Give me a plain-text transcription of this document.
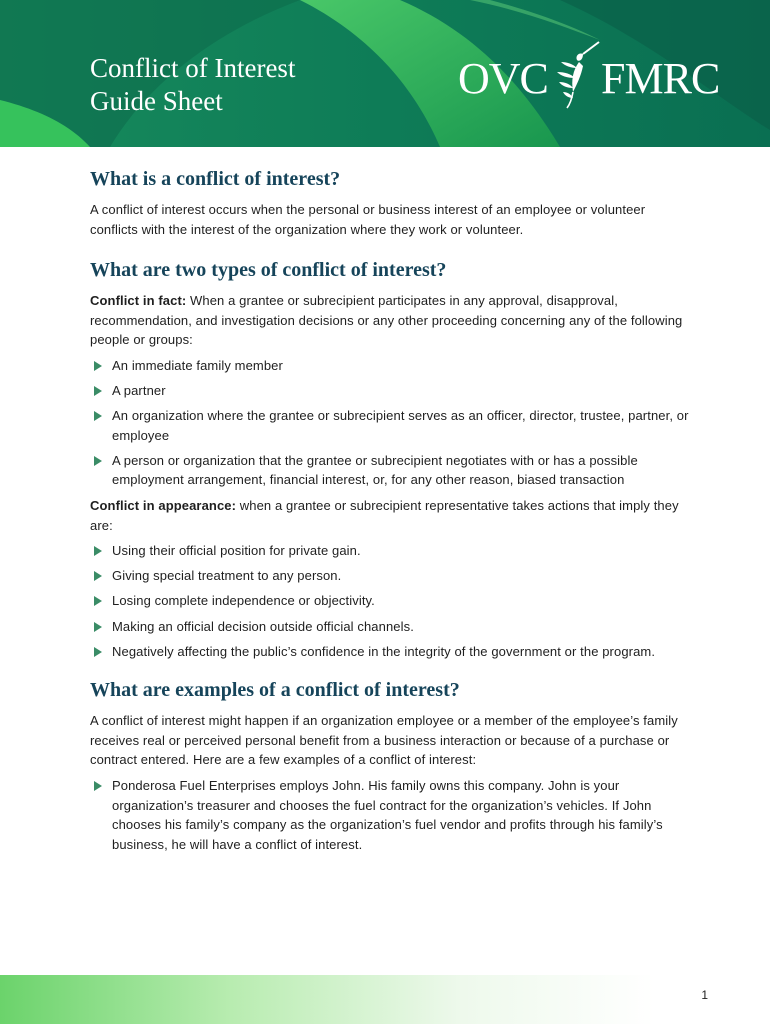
Conflict of Interest
Guide Sheet	OVC FMRC
What is a conflict of interest?

A conflict of interest occurs when the personal or business interest of an employee or volunteer conflicts with the interest of the organization where they work or volunteer.

What are two types of conflict of interest?

Conflict in fact: When a grantee or subrecipient participates in any approval, disapproval, recommendation, and investigation decisions or any other proceeding concerning any of the following people or groups:

An immediate family member
A partner
An organization where the grantee or subrecipient serves as an officer, director, trustee, partner, or employee
A person or organization that the grantee or subrecipient negotiates with or has a possible employment arrangement, financial interest, or, for any other reason, biased transaction

Conflict in appearance: when a grantee or subrecipient representative takes actions that imply they are:

Using their official position for private gain.
Giving special treatment to any person.
Losing complete independence or objectivity.
Making an official decision outside official channels.
Negatively affecting the public’s confidence in the integrity of the government or the program.
What are examples of a conflict of interest?

A conflict of interest might happen if an organization employee or a member of the employee’s family receives real or perceived personal benefit from a business interaction or because of a purchase or contract entered. Here are a few examples of a conflict of interest:

Ponderosa Fuel Enterprises employs John. His family owns this company. John is your organization’s treasurer and chooses the fuel contract for the organization’s vehicles. If John chooses his family’s company as the organization’s fuel vendor and profits through his family’s business, he will have a conflict of interest.
1
